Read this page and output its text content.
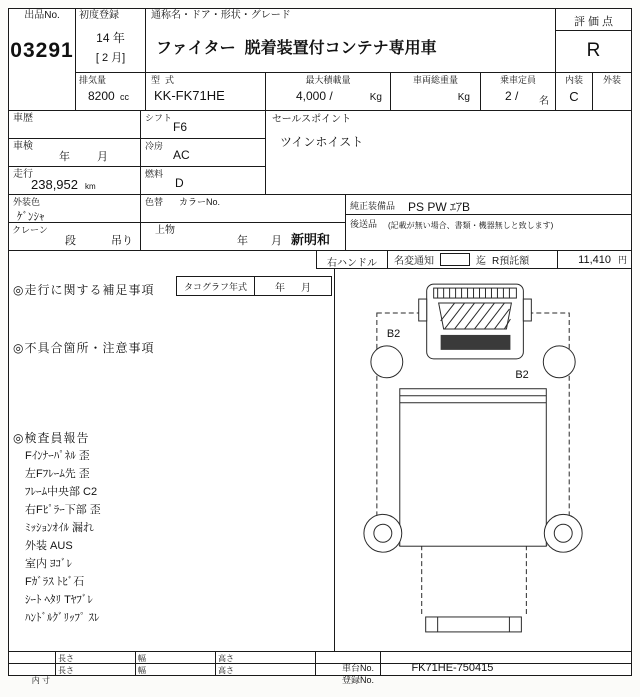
出品No.
03291
初度登録
14 年
[ 2 月]
通称名・ドア・形状・グレード
ファイター  脱着装置付コンテナ専用車
評 価 点
R
排気量
8200 cc
型  式
KK-FK71HE
最大積載量
4,000 /	Kg
車両総重量
Kg
乗車定員
2 / 名
内装
C
外装
車歴	シフト
F6
車検
年 月
冷房
AC
走行
238,952 km
燃料
D
外装色
ｹﾞﾝｼｬ
色替 カラーNo.
クレーン
段	吊り
上物
年 月 新明和
セールスポイント
ツインホイスト
純正装備品 PS PW ｴｱB
後送品 (記載が無い場合、書類・機器無しと致します)
右ハンドル	名変通知	迄 R預託額	11,410 円
◎走行に関する補足事項	タコグラフ年式	年 月
◎不具合箇所・注意事項
◎検査員報告
Fｲﾝﾅｰﾊﾟﾈﾙ 歪
左Fﾌﾚｰﾑ先 歪
ﾌﾚｰﾑ中央部 C2
右Fﾋﾟﾗｰ下部 歪
ﾐｯｼｮﾝｵｲﾙ 漏れ
外装 AUS
室内 ﾖｺﾞﾚ
Fｶﾞﾗｽ ﾄﾋﾞ石
ｼｰﾄ ﾍﾀﾘ Tﾔﾌﾞﾚ
ﾊﾝﾄﾞﾙｸﾞﾘｯﾌﾟ ｽﾚ
B2
B2

長さ

	幅

	高さ

車台No.
	FK71HE-750415

内 寸

長さ

	幅

	高さ

登録No.
